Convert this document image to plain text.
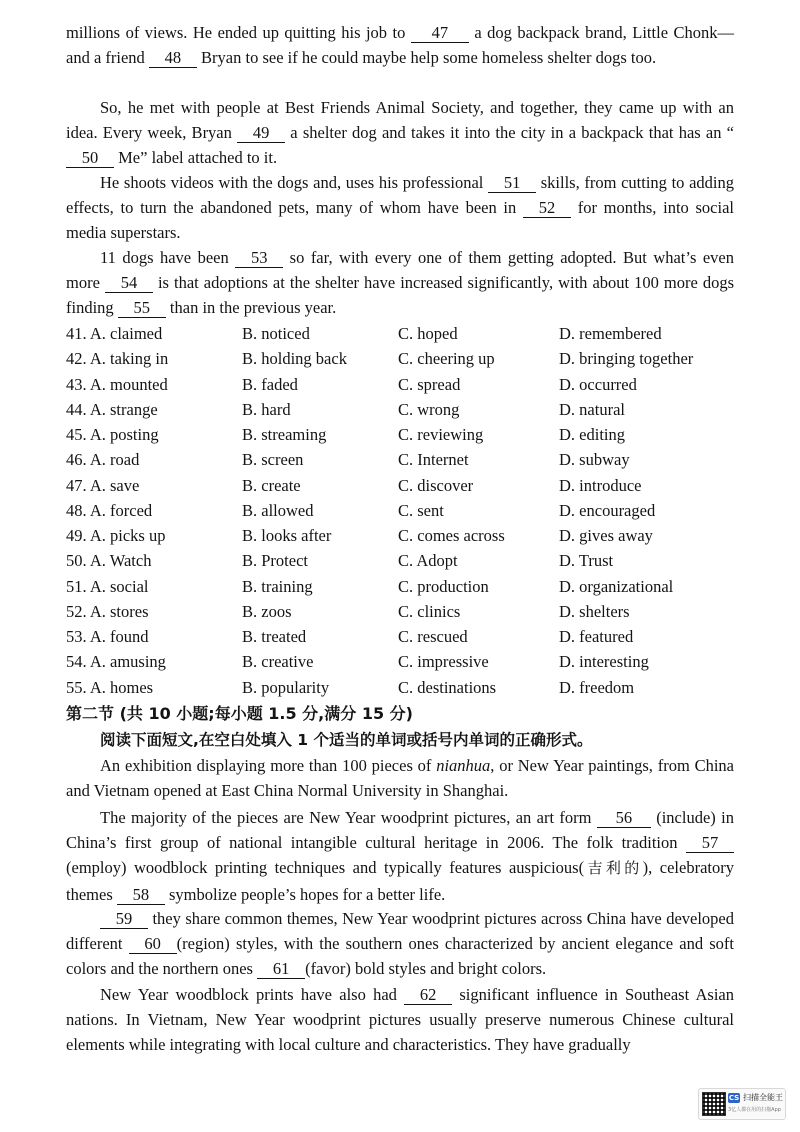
millions of views. He ended up quitting his job to 47 a dog backpack brand, Little Chonk—and a friend 48 Bryan to see if he could maybe help some homeless shelter dogs too.

So, he met with people at Best Friends Animal Society, and together, they came up with an idea. Every week, Bryan 49 a shelter dog and takes it into the city in a backpack that has an “50 Me” label attached to it.

He shoots videos with the dogs and, uses his professional 51 skills, from cutting to adding effects, to turn the abandoned pets, many of whom have been in 52 for months, into social media superstars.

11 dogs have been 53 so far, with every one of them getting adopted. But what’s even more 54 is that adoptions at the shelter have increased significantly, with about 100 more dogs finding 55 than in the previous year.

41. A. claimed	B. noticed	C. hoped	D. remembered
42. A. taking in	B. holding back	C. cheering up	D. bringing together
43. A. mounted	B. faded	C. spread	D. occurred
44. A. strange	B. hard	C. wrong	D. natural
45. A. posting	B. streaming	C. reviewing	D. editing
46. A. road	B. screen	C. Internet	D. subway
47. A. save	B. create	C. discover	D. introduce
48. A. forced	B. allowed	C. sent	D. encouraged
49. A. picks up	B. looks after	C. comes across	D. gives away
50. A. Watch	B. Protect	C. Adopt	D. Trust
51. A. social	B. training	C. production	D. organizational
52. A. stores	B. zoos	C. clinics	D. shelters
53. A. found	B. treated	C. rescued	D. featured
54. A. amusing	B. creative	C. impressive	D. interesting
55. A. homes	B. popularity	C. destinations	D. freedom

第二节 (共 10 小题;每小题 1.5 分,满分 15 分)

阅读下面短文,在空白处填入 1 个适当的单词或括号内单词的正确形式。

An exhibition displaying more than 100 pieces of nianhua, or New Year paintings, from China and Vietnam opened at East China Normal University in Shanghai.

The majority of the pieces are New Year woodprint pictures, an art form 56 (include) in China’s first group of national intangible cultural heritage in 2006. The folk tradition 57(employ) woodblock printing techniques and typically features auspicious(吉利的), celebratory themes 58 symbolize people’s hopes for a better life.

59 they share common themes, New Year woodprint pictures across China have developed different 60 (region) styles, with the southern ones characterized by ancient elegance and soft colors and the northern ones 61 (favor) bold styles and bright colors.

New Year woodblock prints have also had 62 significant influence in Southeast Asian nations. In Vietnam, New Year woodprint pictures usually preserve numerous Chinese cultural elements while integrating with local culture and characteristics. They have gradually

CS 扫描全能王
3亿人都在用的扫描App
